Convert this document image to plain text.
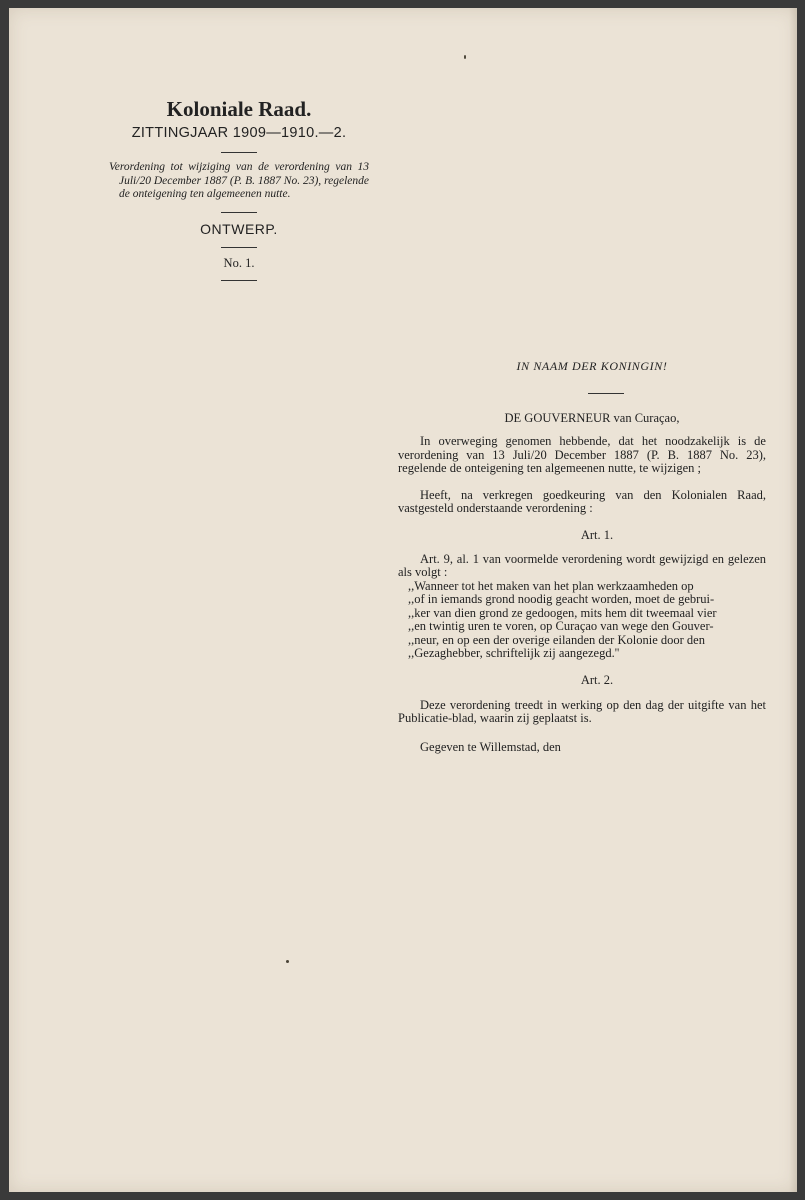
Koloniale Raad.
ZITTINGJAAR 1909—1910.—2.
Verordening tot wijziging van de verordening van 13 Juli/20 December 1887 (P. B. 1887 No. 23), regelende de onteigening ten algemeenen nutte.
ONTWERP.
No. 1.
IN NAAM DER KONINGIN!
DE GOUVERNEUR van Curaçao,

In overweging genomen hebbende, dat het noodzakelijk is de verordening van 13 Juli/20 December 1887 (P. B. 1887 No. 23), regelende de onteigening ten algemeenen nutte, te wijzigen ;

Heeft, na verkregen goedkeuring van den Kolonialen Raad, vastgesteld onderstaande verordening :

Art. 1.

Art. 9, al. 1 van voormelde verordening wordt gewijzigd en gelezen als volgt :

,,Wanneer tot het maken van het plan werkzaamheden op

,,of in iemands grond noodig geacht worden, moet de gebrui-

,,ker van dien grond ze gedoogen, mits hem dit tweemaal vier

,,en twintig uren te voren, op Curaçao van wege den Gouver-

,,neur, en op een der overige eilanden der Kolonie door den

,,Gezaghebber, schriftelijk zij aangezegd.''

Art. 2.

Deze verordening treedt in werking op den dag der uitgifte van het Publicatie-blad, waarin zij geplaatst is.

Gegeven te Willemstad, den
